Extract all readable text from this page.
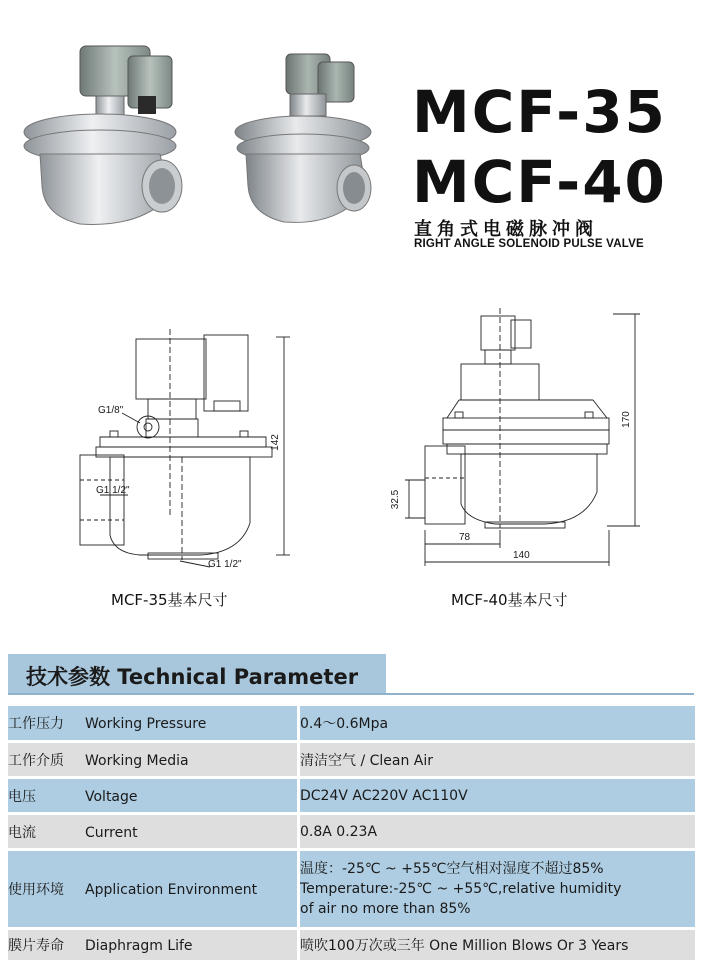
MCF-35
MCF-40
直角式电磁脉冲阀
RIGHT ANGLE SOLENOID PULSE VALVE
G1/8"
G1 1/2"
G1 1/2"
142
MCF-35基本尺寸
170
32.5
78
140
MCF-40基本尺寸
技术参数 Technical Parameter
工作压力 Working Pressure	0.4～0.6Mpa
工作介质 Working Media	清洁空气 / Clean Air
电压 Voltage	DC24V AC220V AC110V
电流 Current	0.8A 0.23A
使用环境 Application Environment	温度：-25℃ ~ +55℃空气相对湿度不超过85%
Temperature:-25℃ ~ +55℃,relative humidity
of air no more than 85%

膜片寿命 Diaphragm Life	喷吹100万次或三年 One Million Blows Or 3 Years
